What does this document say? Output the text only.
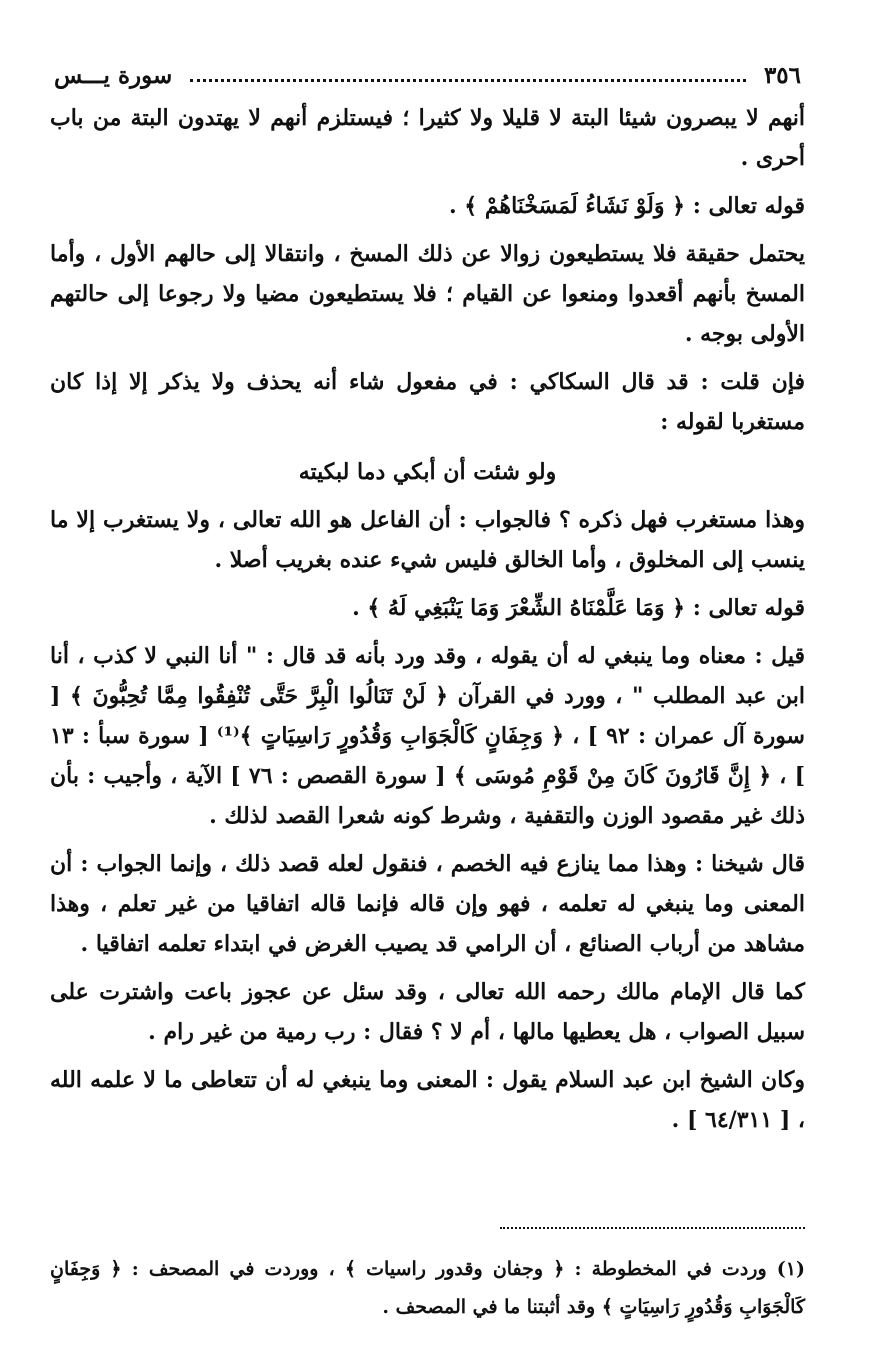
٣٥٦
سورة يـــس

أنهم لا يبصرون شيئا البتة لا قليلا ولا كثيرا ؛ فيستلزم أنهم لا يهتدون البتة من باب أحرى .

قوله تعالى : ﴿ وَلَوْ نَشَاءُ لَمَسَخْنَاهُمْ ﴾ .

يحتمل حقيقة فلا يستطيعون زوالا عن ذلك المسخ ، وانتقالا إلى حالهم الأول ، وأما المسخ بأنهم أقعدوا ومنعوا عن القيام ؛ فلا يستطيعون مضيا ولا رجوعا إلى حالتهم الأولى بوجه .

فإن قلت : قد قال السكاكي : في مفعول شاء أنه يحذف ولا يذكر إلا إذا كان مستغربا لقوله :

ولو شئت أن أبكي دما لبكيته

وهذا مستغرب فهل ذكره ؟ فالجواب : أن الفاعل هو الله تعالى ، ولا يستغرب إلا ما ينسب إلى المخلوق ، وأما الخالق فليس شيء عنده بغريب أصلا .

قوله تعالى : ﴿ وَمَا عَلَّمْنَاهُ الشِّعْرَ وَمَا يَنْبَغِي لَهُ ﴾ .

قيل : معناه وما ينبغي له أن يقوله ، وقد ورد بأنه قد قال : " أنا النبي لا كذب ، أنا ابن عبد المطلب " ، وورد في القرآن ﴿ لَنْ تَنَالُوا الْبِرَّ حَتَّى تُنْفِقُوا مِمَّا تُحِبُّونَ ﴾ [ سورة آل عمران : ٩٢ ] ، ﴿ وَجِفَانٍ كَالْجَوَابِ وَقُدُورٍ رَاسِيَاتٍ ﴾⁽¹⁾ [ سورة سبأ : ١٣ ] ، ﴿ إِنَّ قَارُونَ كَانَ مِنْ قَوْمِ مُوسَى ﴾ [ سورة القصص : ٧٦ ] الآية ، وأجيب : بأن ذلك غير مقصود الوزن والتقفية ، وشرط كونه شعرا القصد لذلك .

قال شيخنا : وهذا مما ينازع فيه الخصم ، فنقول لعله قصد ذلك ، وإنما الجواب : أن المعنى وما ينبغي له تعلمه ، فهو وإن قاله فإنما قاله اتفاقيا من غير تعلم ، وهذا مشاهد من أرباب الصنائع ، أن الرامي قد يصيب الغرض في ابتداء تعلمه اتفاقيا .

كما قال الإمام مالك رحمه الله تعالى ، وقد سئل عن عجوز باعت واشترت على سبيل الصواب ، هل يعطيها مالها ، أم لا ؟ فقال : رب رمية من غير رام .

وكان الشيخ ابن عبد السلام يقول : المعنى وما ينبغي له أن تتعاطى ما لا علمه الله ، [ ٦٤/٣١١ ] .

(١) وردت في المخطوطة : ﴿ وجفان وقدور راسيات ﴾ ، ووردت في المصحف : ﴿ وَجِفَانٍ كَالْجَوَابِ وَقُدُورٍ رَاسِيَاتٍ ﴾ وقد أثبتنا ما في المصحف .
